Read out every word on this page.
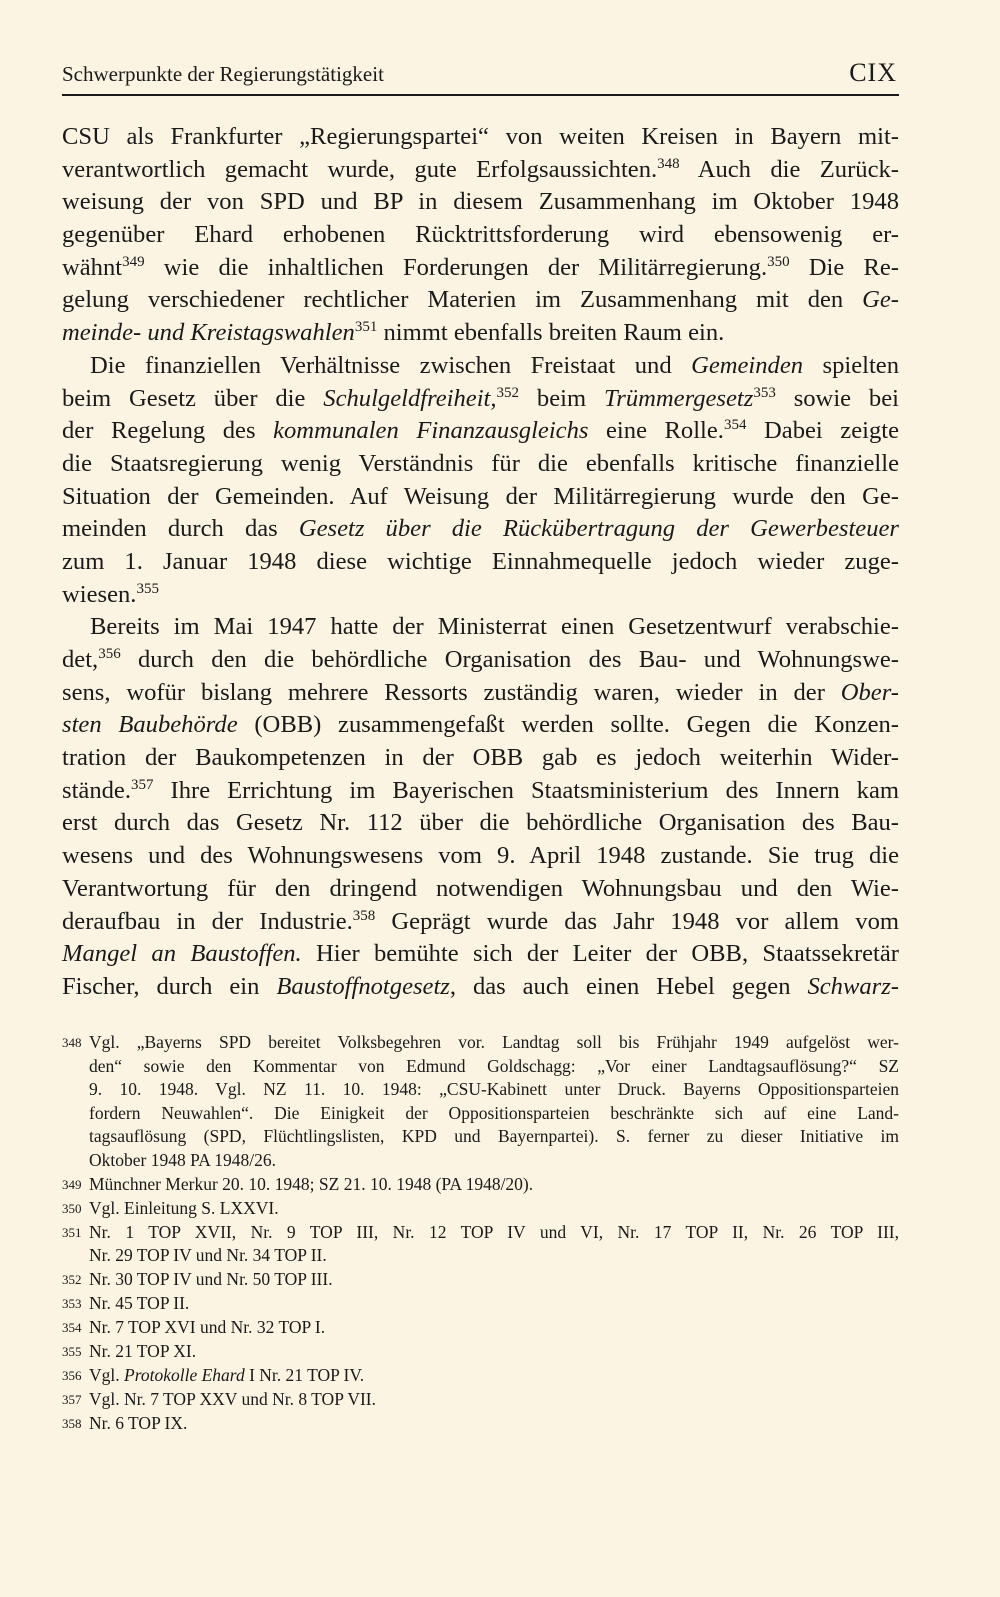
Schwerpunkte der Regierungstätigkeit	CIX
CSU als Frankfurter „Regierungspartei“ von weiten Kreisen in Bayern mit-
verantwortlich gemacht wurde, gute Erfolgsaussichten.$^{348}$ Auch die Zurück-
weisung der von SPD und BP in diesem Zusammenhang im Oktober 1948
gegenüber Ehard erhobenen Rücktrittsforderung wird ebensowenig er-
wähnt$^{349}$ wie die inhaltlichen Forderungen der Militärregierung.$^{350}$ Die Re-
gelung verschiedener rechtlicher Materien im Zusammenhang mit den Ge-
meinde- und Kreistagswahlen$^{351}$ nimmt ebenfalls breiten Raum ein.
Die finanziellen Verhältnisse zwischen Freistaat und Gemeinden spielten
beim Gesetz über die Schulgeldfreiheit,$^{352}$ beim Trümmergesetz$^{353}$ sowie bei
der Regelung des kommunalen Finanzausgleichs eine Rolle.$^{354}$ Dabei zeigte
die Staatsregierung wenig Verständnis für die ebenfalls kritische finanzielle
Situation der Gemeinden. Auf Weisung der Militärregierung wurde den Ge-
meinden durch das Gesetz über die Rückübertragung der Gewerbesteuer
zum 1. Januar 1948 diese wichtige Einnahmequelle jedoch wieder zuge-
wiesen.$^{355}$
Bereits im Mai 1947 hatte der Ministerrat einen Gesetzentwurf verabschie-
det,$^{356}$ durch den die behördliche Organisation des Bau- und Wohnungswe-
sens, wofür bislang mehrere Ressorts zuständig waren, wieder in der Ober-
sten Baubehörde (OBB) zusammengefaßt werden sollte. Gegen die Konzen-
tration der Baukompetenzen in der OBB gab es jedoch weiterhin Wider-
stände.$^{357}$ Ihre Errichtung im Bayerischen Staatsministerium des Innern kam
erst durch das Gesetz Nr. 112 über die behördliche Organisation des Bau-
wesens und des Wohnungswesens vom 9. April 1948 zustande. Sie trug die
Verantwortung für den dringend notwendigen Wohnungsbau und den Wie-
deraufbau in der Industrie.$^{358}$ Geprägt wurde das Jahr 1948 vor allem vom
Mangel an Baustoffen. Hier bemühte sich der Leiter der OBB, Staatssekretär
Fischer, durch ein Baustoffnotgesetz, das auch einen Hebel gegen Schwarz-
348 Vgl. „Bayerns SPD bereitet Volksbegehren vor. Landtag soll bis Frühjahr 1949 aufgelöst wer-
den“ sowie den Kommentar von Edmund Goldschagg: „Vor einer Landtagsauflösung?“ SZ
9. 10. 1948. Vgl. NZ 11. 10. 1948: „CSU-Kabinett unter Druck. Bayerns Oppositionsparteien
fordern Neuwahlen“. Die Einigkeit der Oppositionsparteien beschränkte sich auf eine Land-
tagsauflösung (SPD, Flüchtlingslisten, KPD und Bayernpartei). S. ferner zu dieser Initiative im
Oktober 1948 PA 1948/26.
349 Münchner Merkur 20. 10. 1948; SZ 21. 10. 1948 (PA 1948/20).
350 Vgl. Einleitung S. LXXVI.
351 Nr. 1 TOP XVII, Nr. 9 TOP III, Nr. 12 TOP IV und VI, Nr. 17 TOP II, Nr. 26 TOP III,
Nr. 29 TOP IV und Nr. 34 TOP II.
352 Nr. 30 TOP IV und Nr. 50 TOP III.
353 Nr. 45 TOP II.
354 Nr. 7 TOP XVI und Nr. 32 TOP I.
355 Nr. 21 TOP XI.
356 Vgl. Protokolle Ehard I Nr. 21 TOP IV.
357 Vgl. Nr. 7 TOP XXV und Nr. 8 TOP VII.
358 Nr. 6 TOP IX.
